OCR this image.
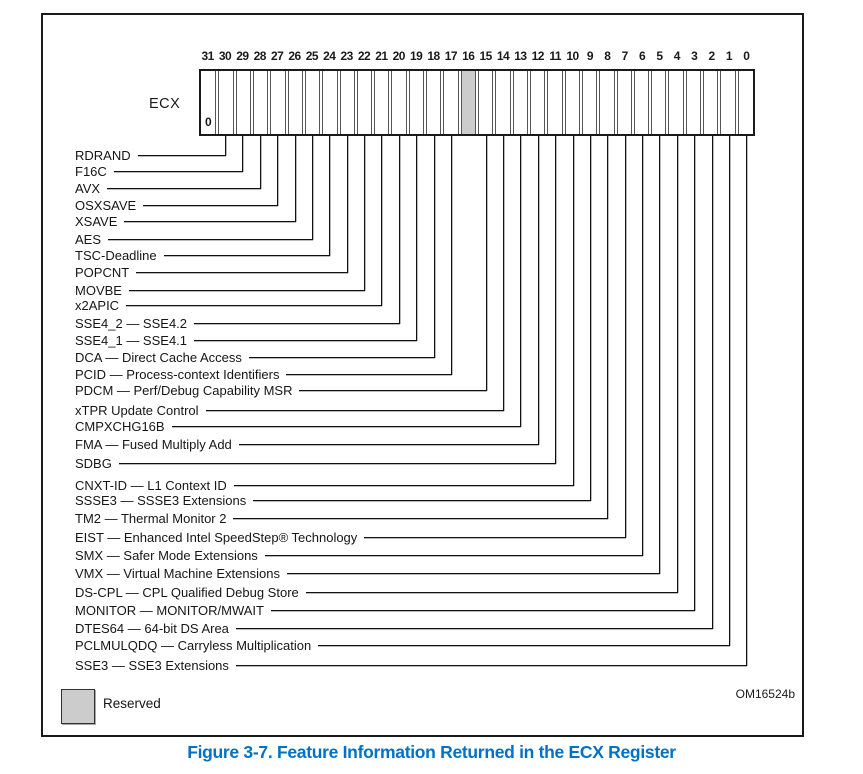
31 30 29 28 27 26 25 24 23 22 21 20 19 18 17 16 15 14 13 12 11 10 9 8 7 6 5 4 3 2 1 0
ECX
0
RDRAND
F16C
AVX
OSXSAVE
XSAVE
AES
TSC-Deadline
POPCNT
MOVBE
x2APIC
SSE4_2 — SSE4.2
SSE4_1 — SSE4.1
DCA — Direct Cache Access
PCID — Process-context Identifiers
PDCM — Perf/Debug Capability MSR
xTPR Update Control
CMPXCHG16B
FMA — Fused Multiply Add
SDBG
CNXT-ID — L1 Context ID
SSSE3 — SSSE3 Extensions
TM2 — Thermal Monitor 2
EIST — Enhanced Intel SpeedStep® Technology
SMX — Safer Mode Extensions
VMX — Virtual Machine Extensions
DS-CPL — CPL Qualified Debug Store
MONITOR — MONITOR/MWAIT
DTES64 — 64-bit DS Area
PCLMULQDQ — Carryless Multiplication
SSE3 — SSE3 Extensions
Reserved
OM16524b
Figure 3-7. Feature Information Returned in the ECX Register
